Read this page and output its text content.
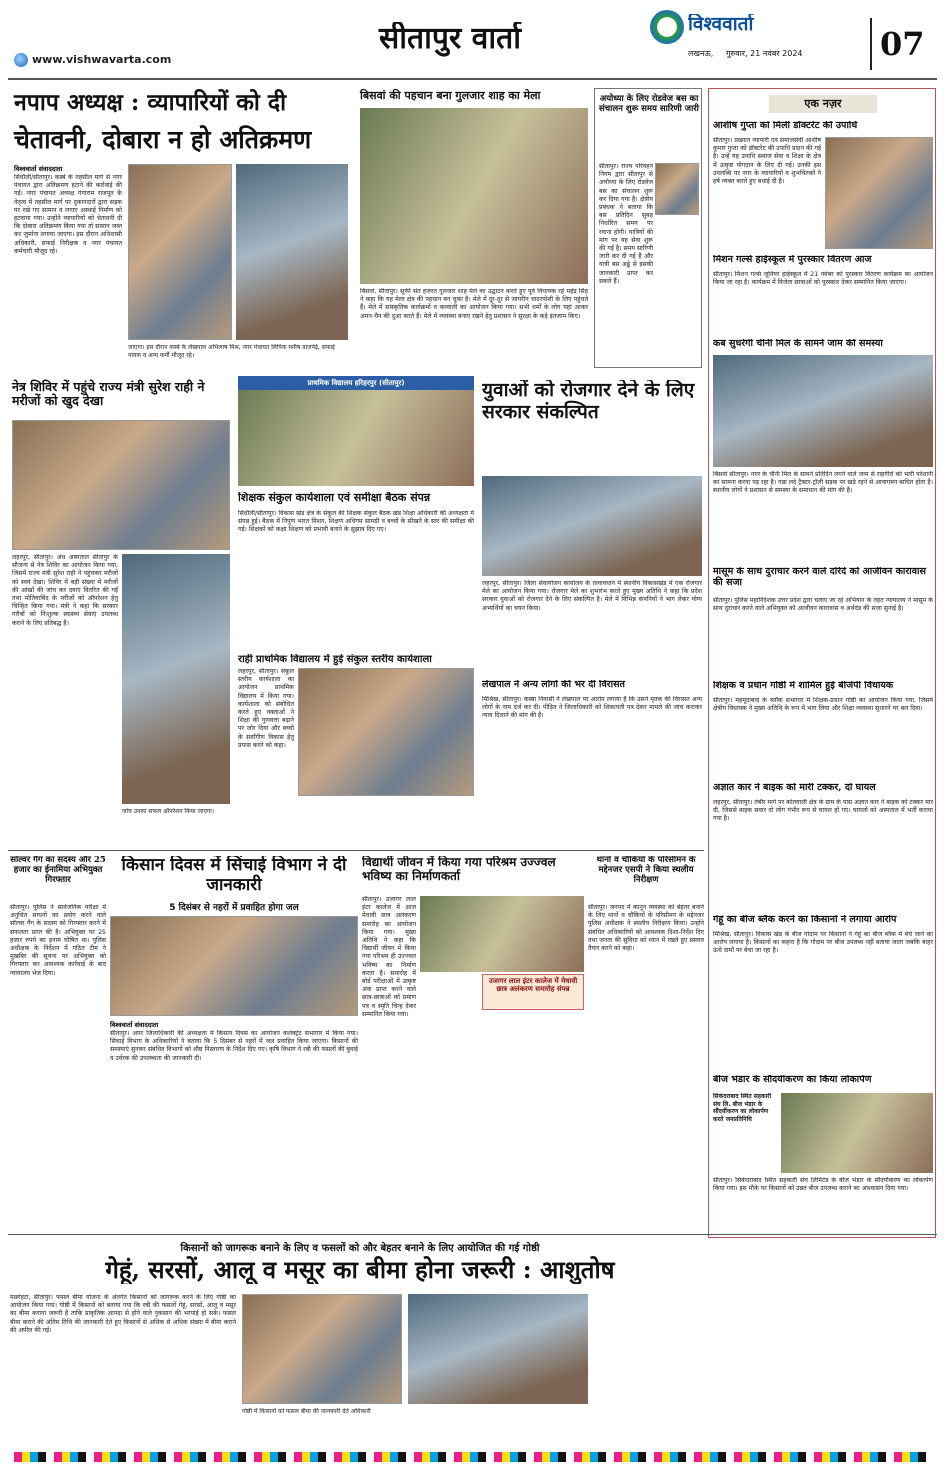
www.vishwavarta.com
सीतापुर वार्ता	विश्ववार्ता
लखनऊ,	गुरुवार, 21 नवंबर 2024	07
नपाप अध्यक्ष : व्यापारियों को दी
चेतावनी, दोबारा न हो अतिक्रमण
विश्ववार्ता संवाददाता
सिधौली/सीतापुर। कस्बे के तहसील मार्ग से नगर पंचायत द्वारा अतिक्रमण हटाने की कार्रवाई की गई। नगर पंचायत अध्यक्ष गंगाराम राजपूत के नेतृत्व में तहसील मार्ग पर दुकानदारों द्वारा सड़क पर रखे गए सामान व लगाए अस्थाई निर्माण को हटवाया गया। उन्होंने व्यापारियों को चेतावनी दी कि दोबारा अतिक्रमण किया गया तो सामान जब्त कर जुर्माना लगाया जाएगा। इस दौरान अधिशासी अधिकारी, सफाई निरीक्षक व नगर पंचायत कर्मचारी मौजूद रहे।
जाएगा। इस दौरान कस्बे के लेखपाल अभिलाष मिश्र, नगर पंचायत लिपिक मनीष वाजपेई, सफाई नायक व अन्य कर्मी मौजूद रहे।
बिसवां की पहचान बना गुलजार शाह का मेला
बिसवां, सीतापुर। सूफी संत हजरत गुलजार शाह मेले का उद्घाटन करते हुए पूर्व विधायक रहे महेंद्र सिंह ने कहा कि यह मेला क्षेत्र की पहचान बन चुका है। मेले में दूर-दूर से जायरीन चादरपोशी के लिए पहुंचते हैं। मेले में सांस्कृतिक कार्यक्रमों व कव्वाली का आयोजन किया गया। सभी धर्मों के लोग यहां आकर अमन-चैन की दुआ करते हैं। मेले में व्यवस्था बनाए रखने हेतु प्रशासन ने सुरक्षा के कड़े इंतजाम किए।
अयोध्या के लिए रोडवेज बस का संचालन शुरू समय सारिणी जारी
सीतापुर। राज्य परिवहन निगम द्वारा सीतापुर से अयोध्या के लिए रोडवेज बस का संचालन शुरू कर दिया गया है। क्षेत्रीय प्रबंधक ने बताया कि बस प्रतिदिन सुबह निर्धारित समय पर रवाना होगी। यात्रियों की मांग पर यह सेवा शुरू की गई है। समय सारिणी जारी कर दी गई है और यात्री बस अड्डे से इसकी जानकारी प्राप्त कर सकते हैं।
एक नज़र
आशीष गुप्ता को मिली डॉक्टरेट की उपाधि
सीतापुर। प्रख्यात व्यापारी एवं समाजसेवी आशीष कुमार गुप्ता को डॉक्टरेट की उपाधि प्रदान की गई है। उन्हें यह उपाधि समाज सेवा व शिक्षा के क्षेत्र में उत्कृष्ट योगदान के लिए दी गई। उनकी इस उपलब्धि पर नगर के व्यापारियों व शुभचिंतकों ने हर्ष व्यक्त करते हुए बधाई दी है।
मिशन गर्ल्स हाईस्कूल में पुरस्कार वितरण आज
सीतापुर। मिशन गर्ल्स जूनियर हाईस्कूल में 21 नवंबर को पुरस्कार वितरण कार्यक्रम का आयोजन किया जा रहा है। कार्यक्रम में विजेता छात्राओं को पुरस्कार देकर सम्मानित किया जाएगा।
कब सुधरेगी चीनी मिल के सामने जाम की समस्या
बिसवां सीतापुर। नगर के चीनी मिल के सामने प्रतिदिन लगने वाले जाम से राहगीरों को भारी परेशानी का सामना करना पड़ रहा है। गन्ना लदे ट्रैक्टर-ट्रॉली सड़क पर खड़े रहने से आवागमन बाधित होता है। स्थानीय लोगों ने प्रशासन से समस्या के समाधान की मांग की है।
मासूम के साथ दुराचार करने वाले दरिंदे को आजीवन कारावास की सजा
सीतापुर। पुलिस महानिदेशक उत्तर प्रदेश द्वारा चलाए जा रहे अभियान के तहत न्यायालय ने मासूम के साथ दुराचार करने वाले अभियुक्त को आजीवन कारावास व अर्थदंड की सजा सुनाई है।
शिक्षक व प्रधान गोष्ठी में शामिल हुई बीजेपी विधायक
सीतापुर। महमूदाबाद के ब्लॉक सभागार में शिक्षक-प्रधान गोष्ठी का आयोजन किया गया, जिसमें क्षेत्रीय विधायक ने मुख्य अतिथि के रूप में भाग लिया और शिक्षा व्यवस्था सुधारने पर बल दिया।
अज्ञात कार ने बाइक को मारी टक्कर, दो घायल
लहरपुर, सीतापुर। तंबौर मार्ग पर कोतवाली क्षेत्र के ग्राम के पास अज्ञात कार ने बाइक को टक्कर मार दी, जिससे बाइक सवार दो लोग गंभीर रूप से घायल हो गए। घायलों को अस्पताल में भर्ती कराया गया है।
गेहूं का बीज ब्लैक करने का किसानों ने लगाया आरोप
मिश्रिख, सीतापुर। विकास खंड के बीज गोदाम पर किसानों ने गेहूं का बीज ब्लैक में बेचे जाने का आरोप लगाया है। किसानों का कहना है कि गोदाम पर बीज उपलब्ध नहीं बताया जाता जबकि बाहर ऊंचे दामों पर बेचा जा रहा है।
बीज भंडार के सौंदर्यीकरण का किया लोकार्पण
सिकंदराबाद स्थित सहकारी संघ लि. बीज भंडार के सौंदर्यीकरण का लोकार्पण करते जनप्रतिनिधि
सीतापुर। सिकंदराबाद स्थित सहकारी संघ लिमिटेड के बीज भंडार के सौंदर्यीकरण का लोकार्पण किया गया। इस मौके पर किसानों को उन्नत बीज उपलब्ध कराने का आश्वासन दिया गया।
नेत्र शिविर में पहुंचे राज्य मंत्री सुरेश राही ने मरीजों को खुद देखा
लहरपुर, सीतापुर। अंध अस्पताल सीतापुर के सौजन्य से नेत्र शिविर का आयोजन किया गया, जिसमें राज्य मंत्री सुरेश राही ने पहुंचकर मरीजों को स्वयं देखा। शिविर में बड़ी संख्या में मरीजों की आंखों की जांच कर दवाएं वितरित की गईं तथा मोतियाबिंद के मरीजों को ऑपरेशन हेतु चिन्हित किया गया। मंत्री ने कहा कि सरकार गरीबों को निःशुल्क स्वास्थ्य सेवाएं उपलब्ध कराने के लिए प्रतिबद्ध है।
जांच उनका सफल ऑपरेशन किया जाएगा।
प्राथमिक विद्यालय हरिहरपुर (सीतापुर)
शिक्षक संकुल कार्यशाला एवं समीक्षा बैठक संपन्न
सिधौली/सीतापुर। विकास खंड क्षेत्र के संकुल की शिक्षक संकुल बैठक खंड शिक्षा अधिकारी की अध्यक्षता में संपन्न हुई। बैठक में निपुण भारत मिशन, शिक्षण अधिगम सामग्री व बच्चों के सीखने के स्तर की समीक्षा की गई। शिक्षकों को कक्षा शिक्षण को प्रभावी बनाने के सुझाव दिए गए।
राही प्राथमिक विद्यालय में हुई संकुल स्तरीय कार्यशाला
लहरपुर, सीतापुर। संकुल स्तरीय कार्यशाला का आयोजन प्राथमिक विद्यालय में किया गया। कार्यशाला को संबोधित करते हुए वक्ताओं ने शिक्षा की गुणवत्ता बढ़ाने पर जोर दिया और बच्चों के सर्वांगीण विकास हेतु प्रयास करने को कहा।
युवाओं को रोजगार देने के लिए सरकार संकल्पित
लहरपुर, सीतापुर। जिला सेवायोजन कार्यालय के तत्वावधान में स्थानीय विकासखंड में एक रोजगार मेले का आयोजन किया गया। रोजगार मेले का शुभारंभ करते हुए मुख्य अतिथि ने कहा कि प्रदेश सरकार युवाओं को रोजगार देने के लिए संकल्पित है। मेले में विभिन्न कंपनियों ने भाग लेकर योग्य अभ्यर्थियों का चयन किया।
लेखपाल ने अन्य लोगों की भर दी विरासत
मिश्रिख, सीतापुर। कस्बा निवासी ने लेखपाल पर आरोप लगाया है कि उसने मृतक की विरासत अन्य लोगों के नाम दर्ज कर दी। पीड़ित ने जिलाधिकारी को शिकायती पत्र देकर मामले की जांच कराकर न्याय दिलाने की मांग की है।
सॉल्वर गैंग का सदस्य और 25 हजार का ईनामिया अभियुक्त गिरफ्तार
सीतापुर। पुलिस ने सार्वजनिक परीक्षा में अनुचित साधनों का प्रयोग करने वाले सॉल्वर गैंग के सदस्य को गिरफ्तार करने में सफलता प्राप्त की है। अभियुक्त पर 25 हजार रुपये का इनाम घोषित था। पुलिस अधीक्षक के निर्देशन में गठित टीम ने मुखबिर की सूचना पर अभियुक्त को गिरफ्तार कर आवश्यक कार्रवाई के बाद न्यायालय भेज दिया।
किसान दिवस में सिंचाई विभाग ने दी जानकारी
5 दिसंबर से नहरों में प्रवाहित होगा जल
विश्ववार्ता संवाददाता
सीतापुर। अपर जिलाधिकारी की अध्यक्षता में किसान दिवस का आयोजन कलेक्ट्रेट सभागार में किया गया। सिंचाई विभाग के अधिकारियों ने बताया कि 5 दिसंबर से नहरों में जल प्रवाहित किया जाएगा। किसानों की समस्याएं सुनकर संबंधित विभागों को शीघ्र निस्तारण के निर्देश दिए गए। कृषि विभाग ने रबी की फसलों की बुवाई व उर्वरक की उपलब्धता की जानकारी दी।
विद्यार्थी जीवन में किया गया परिश्रम उज्ज्वल भविष्य का निर्माणकर्ता
सीतापुर। उजागर लाल इंटर कालेज में आज मेधावी छात्र अलंकरण समारोह का आयोजन किया गया। मुख्य अतिथि ने कहा कि विद्यार्थी जीवन में किया गया परिश्रम ही उज्ज्वल भविष्य का निर्माण करता है। समारोह में बोर्ड परीक्षाओं में उत्कृष्ट अंक प्राप्त करने वाले छात्र-छात्राओं को प्रमाण पत्र व स्मृति चिन्ह देकर सम्मानित किया गया।
उजागर लाल इंटर कालेज में मेधावी छात्र अलंकरण समारोह संपन्न
थानों व चौकियों के परिसीमन के मद्देनजर एसपी ने किया स्थलीय निरीक्षण
सीतापुर। जनपद में कानून व्यवस्था को बेहतर बनाने के लिए थानों व चौकियों के परिसीमन के मद्देनजर पुलिस अधीक्षक ने स्थलीय निरीक्षण किया। उन्होंने संबंधित अधिकारियों को आवश्यक दिशा-निर्देश दिए तथा जनता की सुविधा को ध्यान में रखते हुए प्रस्ताव तैयार करने को कहा।
किसानों को जागरूक बनाने के लिए व फसलों को और बेहतर बनाने के लिए आयोजित की गई गोष्ठी
गेहूं, सरसों, आलू व मसूर का बीमा होना जरूरी : आशुतोष
मछरेहटा, सीतापुर। फसल बीमा योजना के अंतर्गत किसानों को जागरूक करने के लिए गोष्ठी का आयोजन किया गया। गोष्ठी में किसानों को बताया गया कि रबी की फसलों गेहूं, सरसों, आलू व मसूर का बीमा कराना जरूरी है ताकि प्राकृतिक आपदा से होने वाले नुकसान की भरपाई हो सके। फसल बीमा कराने की अंतिम तिथि की जानकारी देते हुए किसानों से अधिक से अधिक संख्या में बीमा कराने की अपील की गई।
गोष्ठी में किसानों को फसल बीमा की जानकारी देते अधिकारी
